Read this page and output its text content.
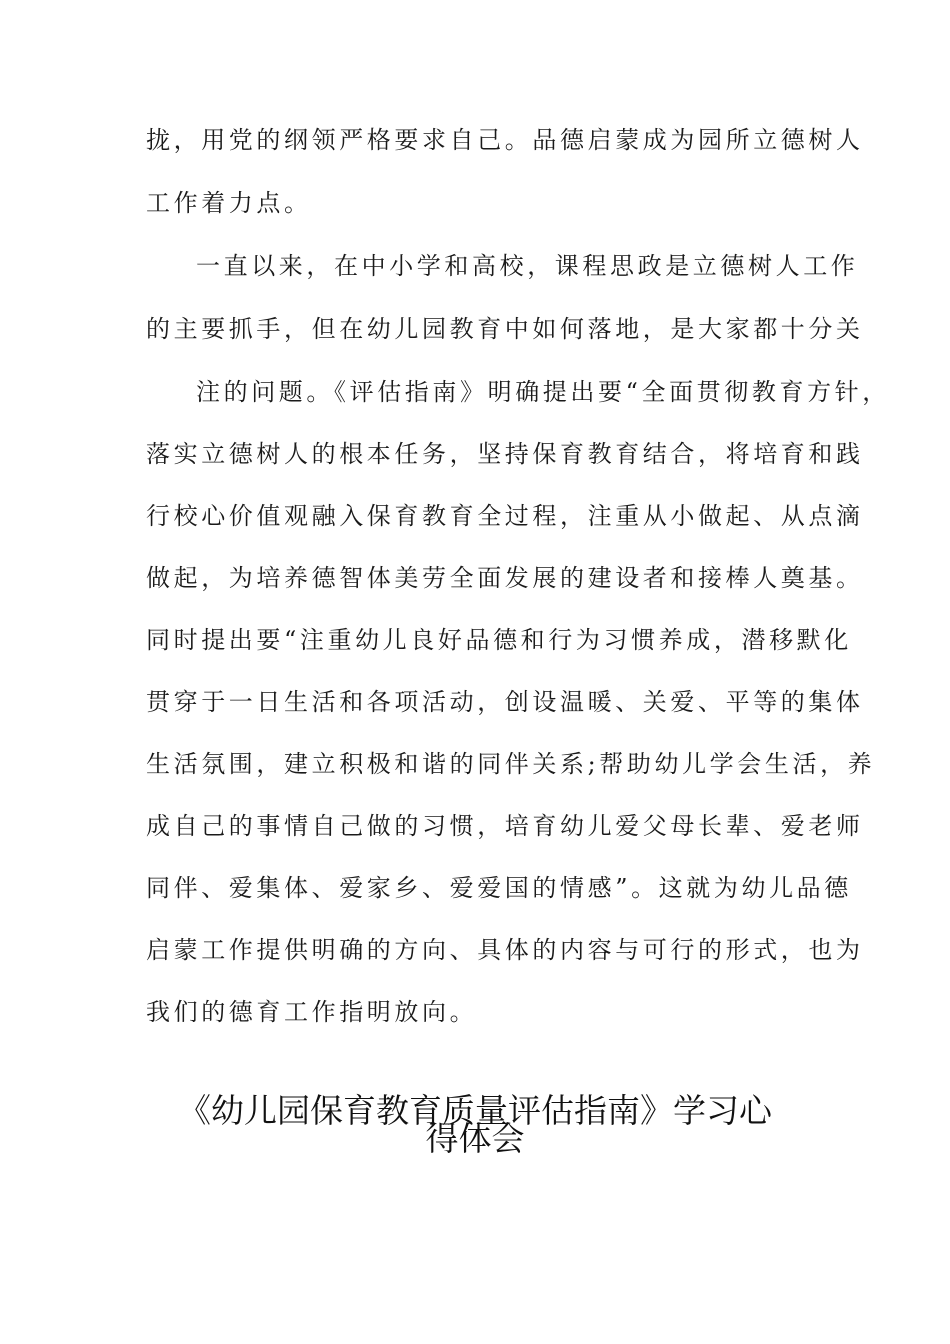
拢，用党的纲领严格要求自己。品德启蒙成为园所立德树人
工作着力点。
一直以来，在中小学和高校，课程思政是立德树人工作
的主要抓手，但在幼儿园教育中如何落地，是大家都十分关
注的问题。《评估指南》明确提出要“全面贯彻教育方针，
落实立德树人的根本任务，坚持保育教育结合，将培育和践
行校心价值观融入保育教育全过程，注重从小做起、从点滴
做起，为培养德智体美劳全面发展的建设者和接棒人奠基。
同时提出要“注重幼儿良好品德和行为习惯养成，潜移默化
贯穿于一日生活和各项活动，创设温暖、关爱、平等的集体
生活氛围，建立积极和谐的同伴关系;帮助幼儿学会生活，养
成自己的事情自己做的习惯，培育幼儿爱父母长辈、爱老师
同伴、爱集体、爱家乡、爱爱国的情感”。这就为幼儿品德
启蒙工作提供明确的方向、具体的内容与可行的形式，也为
我们的德育工作指明放向。
《幼儿园保育教育质量评估指南》学习心
得体会
